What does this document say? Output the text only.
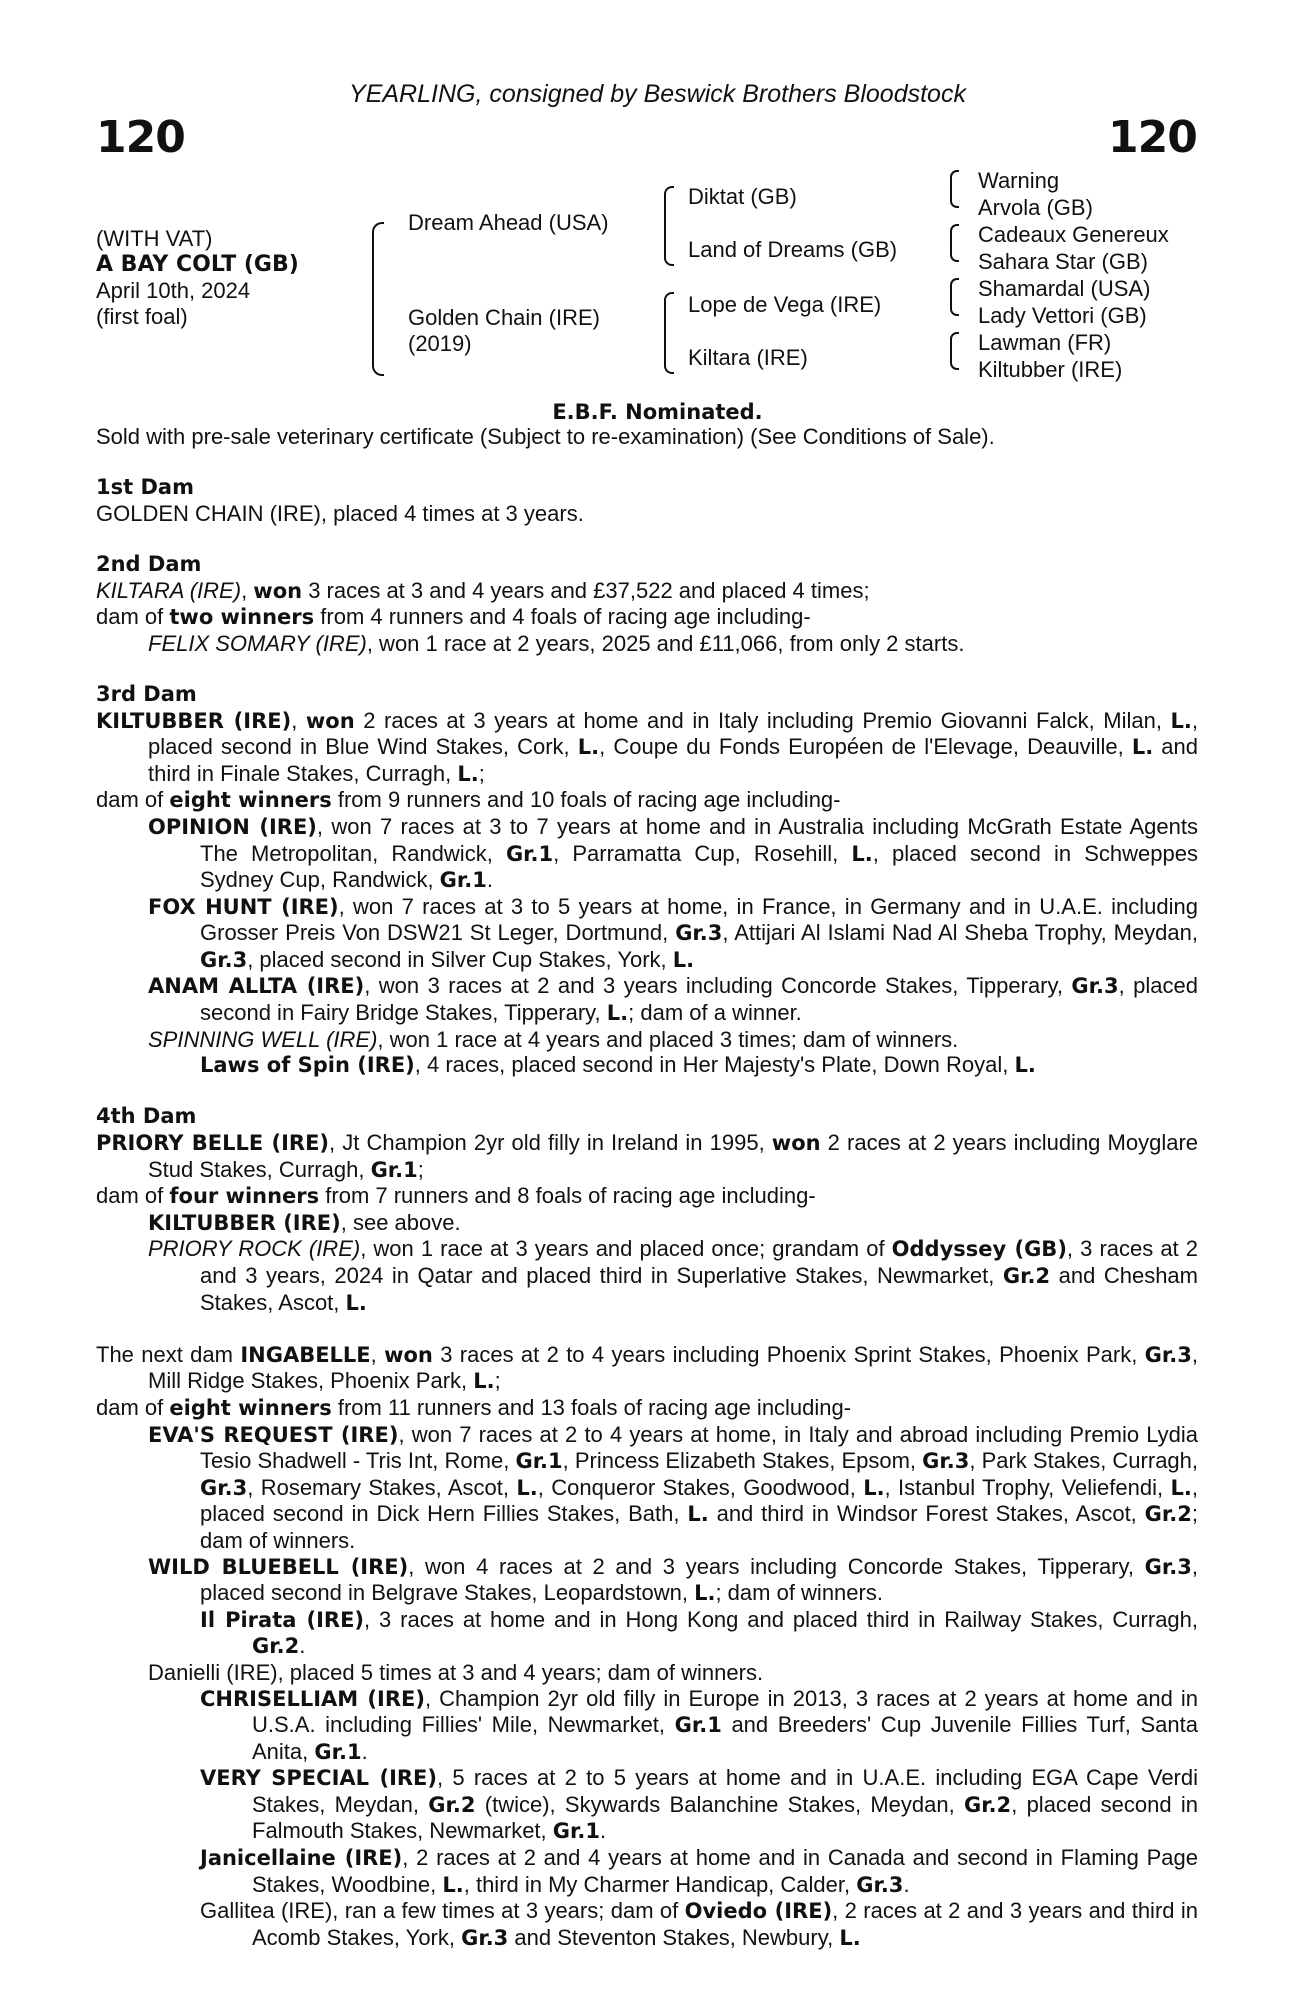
YEARLING, consigned by Beswick Brothers Bloodstock
120	120
(WITH VAT)
A BAY COLT (GB)
April 10th, 2024
(first foal)
Dream Ahead (USA)
Golden Chain (IRE)
(2019)
Diktat (GB)
Land of Dreams (GB)
Lope de Vega (IRE)
Kiltara (IRE)
Warning
Arvola (GB)
Cadeaux Genereux
Sahara Star (GB)
Shamardal (USA)
Lady Vettori (GB)
Lawman (FR)
Kiltubber (IRE)
E.B.F. Nominated.

Sold with pre-sale veterinary certificate (Subject to re-examination) (See Conditions of Sale).

1st Dam

GOLDEN CHAIN (IRE), placed 4 times at 3 years.

2nd Dam

KILTARA (IRE), won 3 races at 3 and 4 years and £37,522 and placed 4 times;

dam of two winners from 4 runners and 4 foals of racing age including-

FELIX SOMARY (IRE), won 1 race at 2 years, 2025 and £11,066, from only 2 starts.

3rd Dam

KILTUBBER (IRE), won 2 races at 3 years at home and in Italy including Premio Giovanni Falck, Milan, L., placed second in Blue Wind Stakes, Cork, L., Coupe du Fonds Européen de l'Elevage, Deauville, L. and third in Finale Stakes, Curragh, L.;

dam of eight winners from 9 runners and 10 foals of racing age including-

OPINION (IRE), won 7 races at 3 to 7 years at home and in Australia including McGrath Estate Agents The Metropolitan, Randwick, Gr.1, Parramatta Cup, Rosehill, L., placed second in Schweppes Sydney Cup, Randwick, Gr.1.

FOX HUNT (IRE), won 7 races at 3 to 5 years at home, in France, in Germany and in U.A.E. including Grosser Preis Von DSW21 St Leger, Dortmund, Gr.3, Attijari Al Islami Nad Al Sheba Trophy, Meydan, Gr.3, placed second in Silver Cup Stakes, York, L.

ANAM ALLTA (IRE), won 3 races at 2 and 3 years including Concorde Stakes, Tipperary, Gr.3, placed second in Fairy Bridge Stakes, Tipperary, L.; dam of a winner.

SPINNING WELL (IRE), won 1 race at 4 years and placed 3 times; dam of winners.

Laws of Spin (IRE), 4 races, placed second in Her Majesty's Plate, Down Royal, L.

4th Dam

PRIORY BELLE (IRE), Jt Champion 2yr old filly in Ireland in 1995, won 2 races at 2 years including Moyglare Stud Stakes, Curragh, Gr.1;

dam of four winners from 7 runners and 8 foals of racing age including-

KILTUBBER (IRE), see above.

PRIORY ROCK (IRE), won 1 race at 3 years and placed once; grandam of Oddyssey (GB), 3 races at 2 and 3 years, 2024 in Qatar and placed third in Superlative Stakes, Newmarket, Gr.2 and Chesham Stakes, Ascot, L.

The next dam INGABELLE, won 3 races at 2 to 4 years including Phoenix Sprint Stakes, Phoenix Park, Gr.3, Mill Ridge Stakes, Phoenix Park, L.;

dam of eight winners from 11 runners and 13 foals of racing age including-

EVA'S REQUEST (IRE), won 7 races at 2 to 4 years at home, in Italy and abroad including Premio Lydia Tesio Shadwell - Tris Int, Rome, Gr.1, Princess Elizabeth Stakes, Epsom, Gr.3, Park Stakes, Curragh, Gr.3, Rosemary Stakes, Ascot, L., Conqueror Stakes, Goodwood, L., Istanbul Trophy, Veliefendi, L., placed second in Dick Hern Fillies Stakes, Bath, L. and third in Windsor Forest Stakes, Ascot, Gr.2; dam of winners.

WILD BLUEBELL (IRE), won 4 races at 2 and 3 years including Concorde Stakes, Tipperary, Gr.3, placed second in Belgrave Stakes, Leopardstown, L.; dam of winners.

Il Pirata (IRE), 3 races at home and in Hong Kong and placed third in Railway Stakes, Curragh, Gr.2.

Danielli (IRE), placed 5 times at 3 and 4 years; dam of winners.

CHRISELLIAM (IRE), Champion 2yr old filly in Europe in 2013, 3 races at 2 years at home and in U.S.A. including Fillies' Mile, Newmarket, Gr.1 and Breeders' Cup Juvenile Fillies Turf, Santa Anita, Gr.1.

VERY SPECIAL (IRE), 5 races at 2 to 5 years at home and in U.A.E. including EGA Cape Verdi Stakes, Meydan, Gr.2 (twice), Skywards Balanchine Stakes, Meydan, Gr.2, placed second in Falmouth Stakes, Newmarket, Gr.1.

Janicellaine (IRE), 2 races at 2 and 4 years at home and in Canada and second in Flaming Page Stakes, Woodbine, L., third in My Charmer Handicap, Calder, Gr.3.

Gallitea (IRE), ran a few times at 3 years; dam of Oviedo (IRE), 2 races at 2 and 3 years and third in Acomb Stakes, York, Gr.3 and Steventon Stakes, Newbury, L.
